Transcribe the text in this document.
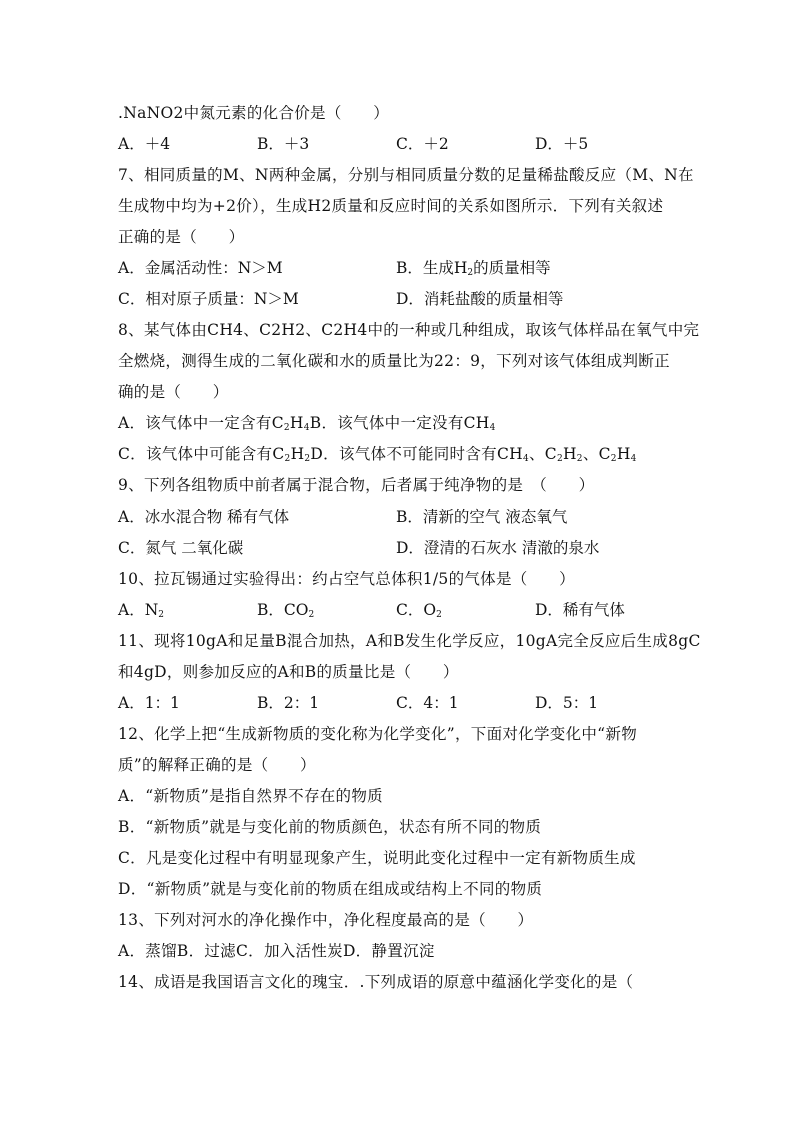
.NaNO2中氮元素的化合价是（　　）
A．＋4	B．＋3	C．＋2	D．＋5
7、相同质量的M、N两种金属，分别与相同质量分数的足量稀盐酸反应（M、N在
生成物中均为+2价），生成H2质量和反应时间的关系如图所示．下列有关叙述
正确的是（　　）
A．金属活动性：N＞M	B．生成$H_2$的质量相等
C．相对原子质量：N＞M	D．消耗盐酸的质量相等
8、某气体由CH4、C2H2、C2H4中的一种或几种组成，取该气体样品在氧气中完
全燃烧，测得生成的二氧化碳和水的质量比为22：9，下列对该气体组成判断正
确的是（　　）
A．该气体中一定含有$C_2H_4B$．该气体中一定没有$CH_4$
C．该气体中可能含有$C_2H_2D$．该气体不可能同时含有$CH_4$、$C_2H_2$、$C_2H_4$
9、下列各组物质中前者属于混合物，后者属于纯净物的是　（　　）
A．冰水混合物 稀有气体	B．清新的空气 液态氧气
C．氮气 二氧化碳	D．澄清的石灰水 清澈的泉水
10、拉瓦锡通过实验得出：约占空气总体积1/5的气体是（　　）
A．$N_2$	B．$CO_2$	C．$O_2$	D．稀有气体
11、现将10gA和足量B混合加热，A和B发生化学反应，10gA完全反应后生成8gC
和4gD，则参加反应的A和B的质量比是（　　）
A．1：1	B．2：1	C．4：1	D．5：1
12、化学上把“生成新物质的变化称为化学变化”，下面对化学变化中“新物
质”的解释正确的是（　　）
A．“新物质”是指自然界不存在的物质
B．“新物质”就是与变化前的物质颜色，状态有所不同的物质
C．凡是变化过程中有明显现象产生，说明此变化过程中一定有新物质生成
D．“新物质”就是与变化前的物质在组成或结构上不同的物质
13、下列对河水的净化操作中，净化程度最高的是（　　）
A．蒸馏B．过滤C．加入活性炭D．静置沉淀
14、成语是我国语言文化的瑰宝．.下列成语的原意中蕴涵化学变化的是（
